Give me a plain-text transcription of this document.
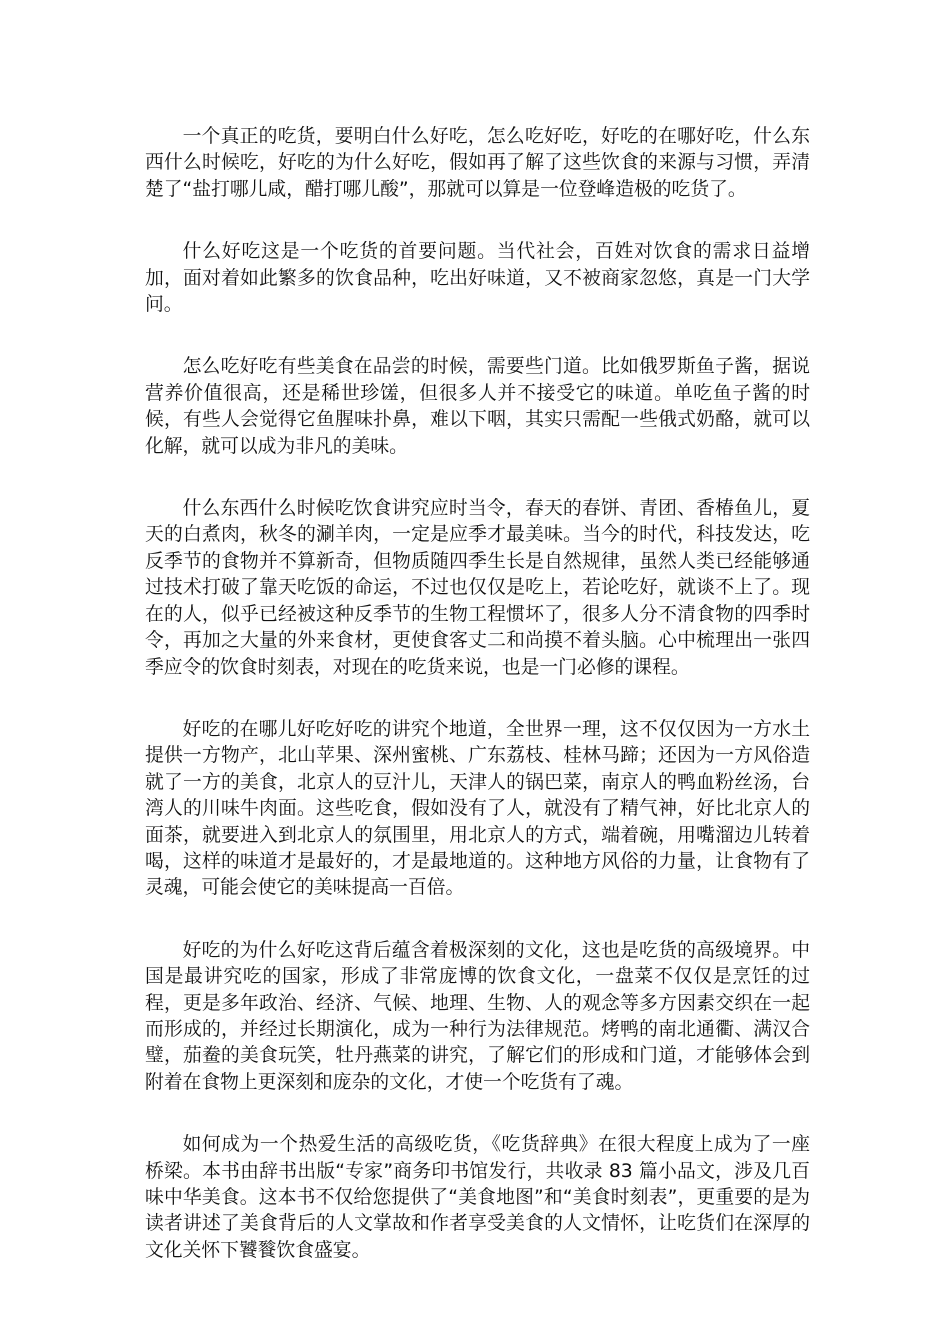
一个真正的吃货，要明白什么好吃，怎么吃好吃，好吃的在哪好吃，什么东西什么时候吃，好吃的为什么好吃，假如再了解了这些饮食的来源与习惯，弄清楚了“盐打哪儿咸，醋打哪儿酸”，那就可以算是一位登峰造极的吃货了。

什么好吃这是一个吃货的首要问题。当代社会，百姓对饮食的需求日益增加，面对着如此繁多的饮食品种，吃出好味道，又不被商家忽悠，真是一门大学问。

怎么吃好吃有些美食在品尝的时候，需要些门道。比如俄罗斯鱼子酱，据说营养价值很高，还是稀世珍馐，但很多人并不接受它的味道。单吃鱼子酱的时候，有些人会觉得它鱼腥味扑鼻，难以下咽，其实只需配一些俄式奶酪，就可以化解，就可以成为非凡的美味。

什么东西什么时候吃饮食讲究应时当令，春天的春饼、青团、香椿鱼儿，夏天的白煮肉，秋冬的涮羊肉，一定是应季才最美味。当今的时代，科技发达，吃反季节的食物并不算新奇，但物质随四季生长是自然规律，虽然人类已经能够通过技术打破了靠天吃饭的命运，不过也仅仅是吃上，若论吃好，就谈不上了。现在的人，似乎已经被这种反季节的生物工程惯坏了，很多人分不清食物的四季时令，再加之大量的外来食材，更使食客丈二和尚摸不着头脑。心中梳理出一张四季应令的饮食时刻表，对现在的吃货来说，也是一门必修的课程。

好吃的在哪儿好吃好吃的讲究个地道，全世界一理，这不仅仅因为一方水土提供一方物产，北山苹果、深州蜜桃、广东荔枝、桂林马蹄；还因为一方风俗造就了一方的美食，北京人的豆汁儿，天津人的锅巴菜，南京人的鸭血粉丝汤，台湾人的川味牛肉面。这些吃食，假如没有了人，就没有了精气神，好比北京人的面茶，就要进入到北京人的氛围里，用北京人的方式，端着碗，用嘴溜边儿转着喝，这样的味道才是最好的，才是最地道的。这种地方风俗的力量，让食物有了灵魂，可能会使它的美味提高一百倍。

好吃的为什么好吃这背后蕴含着极深刻的文化，这也是吃货的高级境界。中国是最讲究吃的国家，形成了非常庞博的饮食文化，一盘菜不仅仅是烹饪的过程，更是多年政治、经济、气候、地理、生物、人的观念等多方因素交织在一起而形成的，并经过长期演化，成为一种行为法律规范。烤鸭的南北通衢、满汉合璧，茄鲞的美食玩笑，牡丹燕菜的讲究，了解它们的形成和门道，才能够体会到附着在食物上更深刻和庞杂的文化，才使一个吃货有了魂。

如何成为一个热爱生活的高级吃货，《吃货辞典》在很大程度上成为了一座桥梁。本书由辞书出版“专家”商务印书馆发行，共收录 83 篇小品文，涉及几百味中华美食。这本书不仅给您提供了“美食地图”和“美食时刻表”，更重要的是为读者讲述了美食背后的人文掌故和作者享受美食的人文情怀，让吃货们在深厚的文化关怀下饕餮饮食盛宴。
